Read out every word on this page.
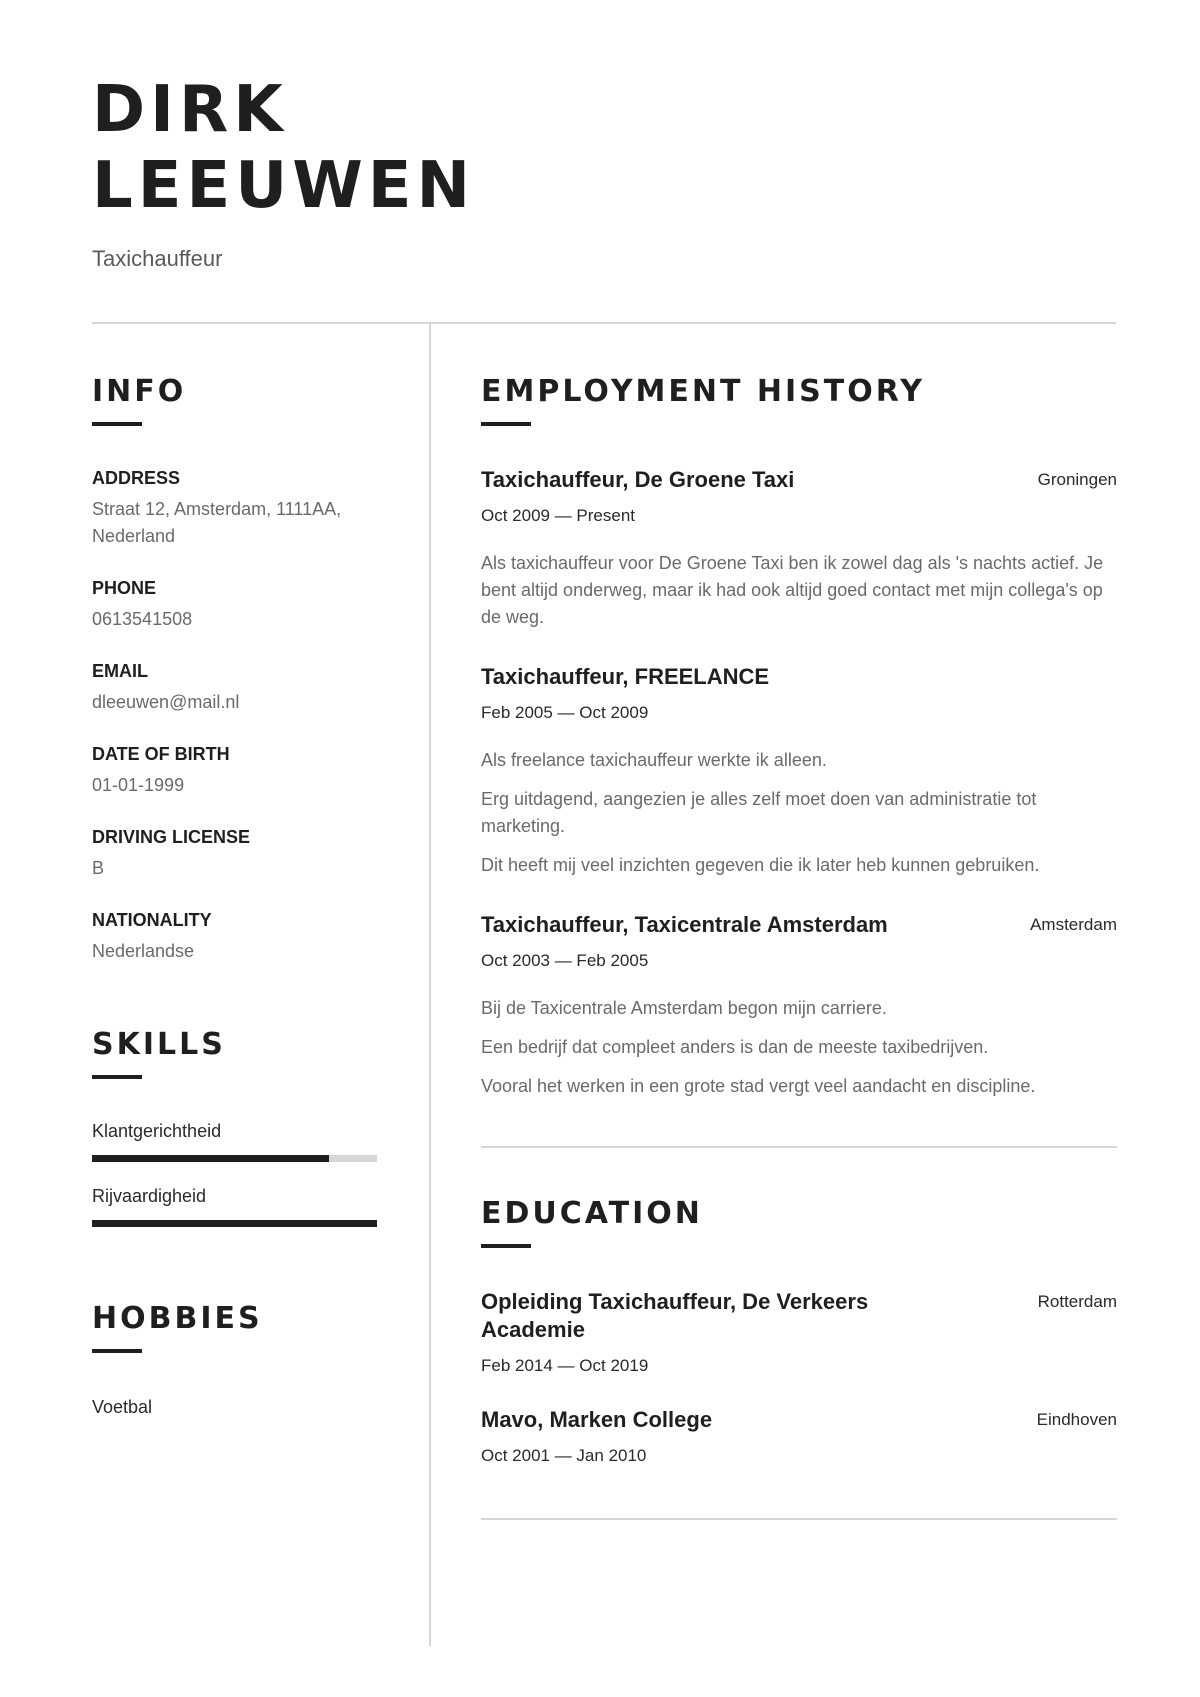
DIRK
LEEUWEN
Taxichauffeur
INFO
ADDRESS
Straat 12, Amsterdam, 1111AA, Nederland
PHONE
0613541508
EMAIL
dleeuwen@mail.nl
DATE OF BIRTH
01-01-1999
DRIVING LICENSE
B
NATIONALITY
Nederlandse
SKILLS
Klantgerichtheid
Rijvaardigheid
HOBBIES
Voetbal
EMPLOYMENT HISTORY
Taxichauffeur, De Groene Taxi	Groningen
Oct 2009 — Present

Als taxichauffeur voor De Groene Taxi ben ik zowel dag als 's nachts actief. Je bent altijd onderweg, maar ik had ook altijd goed contact met mijn collega's op de weg.

Taxichauffeur, FREELANCE
Feb 2005 — Oct 2009

Als freelance taxichauffeur werkte ik alleen.

Erg uitdagend, aangezien je alles zelf moet doen van administratie tot marketing.

Dit heeft mij veel inzichten gegeven die ik later heb kunnen gebruiken.

Taxichauffeur, Taxicentrale Amsterdam	Amsterdam
Oct 2003 — Feb 2005

Bij de Taxicentrale Amsterdam begon mijn carriere.

Een bedrijf dat compleet anders is dan de meeste taxibedrijven.

Vooral het werken in een grote stad vergt veel aandacht en discipline.

EDUCATION
Opleiding Taxichauffeur, De Verkeers Academie
Rotterdam
Feb 2014 — Oct 2019
Mavo, Marken College	Eindhoven
Oct 2001 — Jan 2010
